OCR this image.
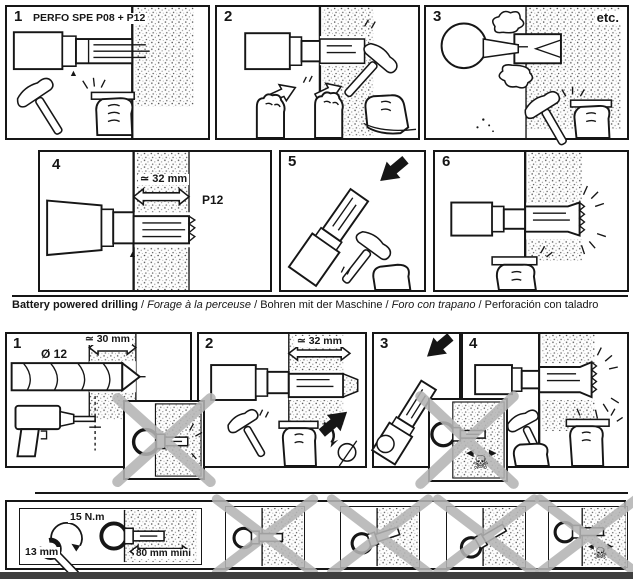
1 PERFO SPE P08 + P12
▲
2	3	etc.
4
≃ 32 mm
P12
▲
5	6
Battery powered drilling / Forage à la perceuse / Bohren mit der Maschine / Foro con trapano / Perforación con taladro
1
Ø 12
≃ 30 mm	2	≃ 32 mm	3	4
☠
15 N.m
13 mm	80 mm mini	☠
